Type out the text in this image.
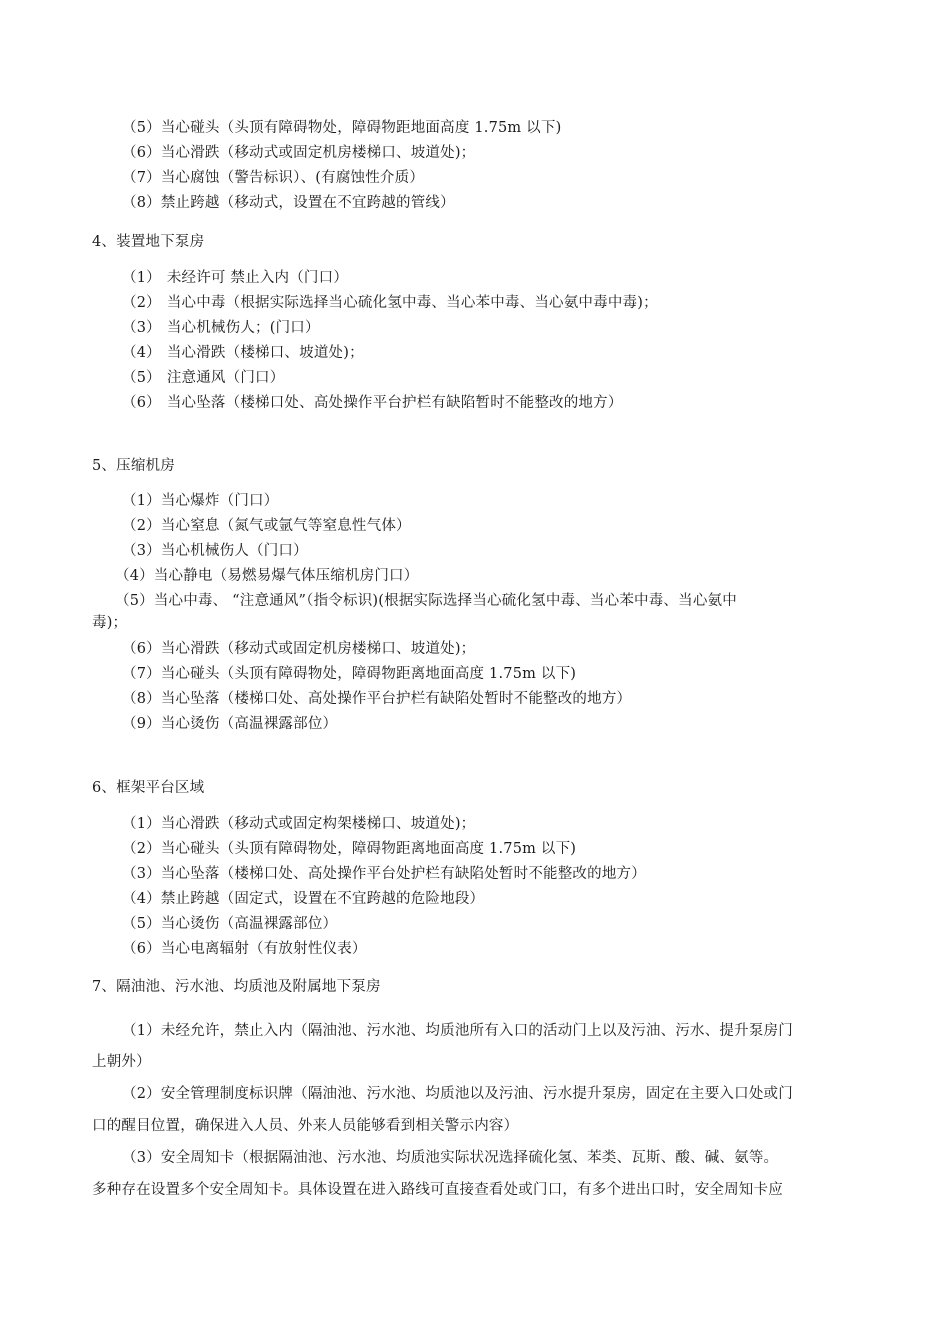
（5）当心碰头（头顶有障碍物处，障碍物距地面高度 1.75m 以下)
（6）当心滑跌（移动式或固定机房楼梯口、坡道处)；
（7）当心腐蚀（警告标识）、(有腐蚀性介质）
（8）禁止跨越（移动式，设置在不宜跨越的管线）
4、装置地下泵房
（1） 未经许可 禁止入内（门口）
（2） 当心中毒（根据实际选择当心硫化氢中毒、当心苯中毒、当心氨中毒中毒)；
（3） 当心机械伤人；(门口）
（4） 当心滑跌（楼梯口、坡道处)；
（5） 注意通风（门口）
（6） 当心坠落（楼梯口处、高处操作平台护栏有缺陷暂时不能整改的地方）
5、压缩机房
（1）当心爆炸（门口）
（2）当心窒息（氮气或氩气等窒息性气体）
（3）当心机械伤人（门口）
（4）当心静电（易燃易爆气体压缩机房门口）
（5）当心中毒、 “注意通风”（指令标识)(根据实际选择当心硫化氢中毒、当心苯中毒、当心氨中
毒)；
（6）当心滑跌（移动式或固定机房楼梯口、坡道处)；
（7）当心碰头（头顶有障碍物处，障碍物距离地面高度 1.75m 以下)
（8）当心坠落（楼梯口处、高处操作平台护栏有缺陷处暂时不能整改的地方）
（9）当心烫伤（高温裸露部位）
6、框架平台区域
（1）当心滑跌（移动式或固定构架楼梯口、坡道处)；
（2）当心碰头（头顶有障碍物处，障碍物距离地面高度 1.75m 以下)
（3）当心坠落（楼梯口处、高处操作平台处护栏有缺陷处暂时不能整改的地方）
（4）禁止跨越（固定式，设置在不宜跨越的危险地段）
（5）当心烫伤（高温裸露部位）
（6）当心电离辐射（有放射性仪表）
7、隔油池、污水池、均质池及附属地下泵房
（1）未经允许，禁止入内（隔油池、污水池、均质池所有入口的活动门上以及污油、污水、提升泵房门
上朝外）
（2）安全管理制度标识牌（隔油池、污水池、均质池以及污油、污水提升泵房，固定在主要入口处或门
口的醒目位置，确保进入人员、外来人员能够看到相关警示内容）
（3）安全周知卡（根据隔油池、污水池、均质池实际状况选择硫化氢、苯类、瓦斯、酸、碱、氨等。
多种存在设置多个安全周知卡。具体设置在进入路线可直接查看处或门口，有多个进出口时，安全周知卡应
